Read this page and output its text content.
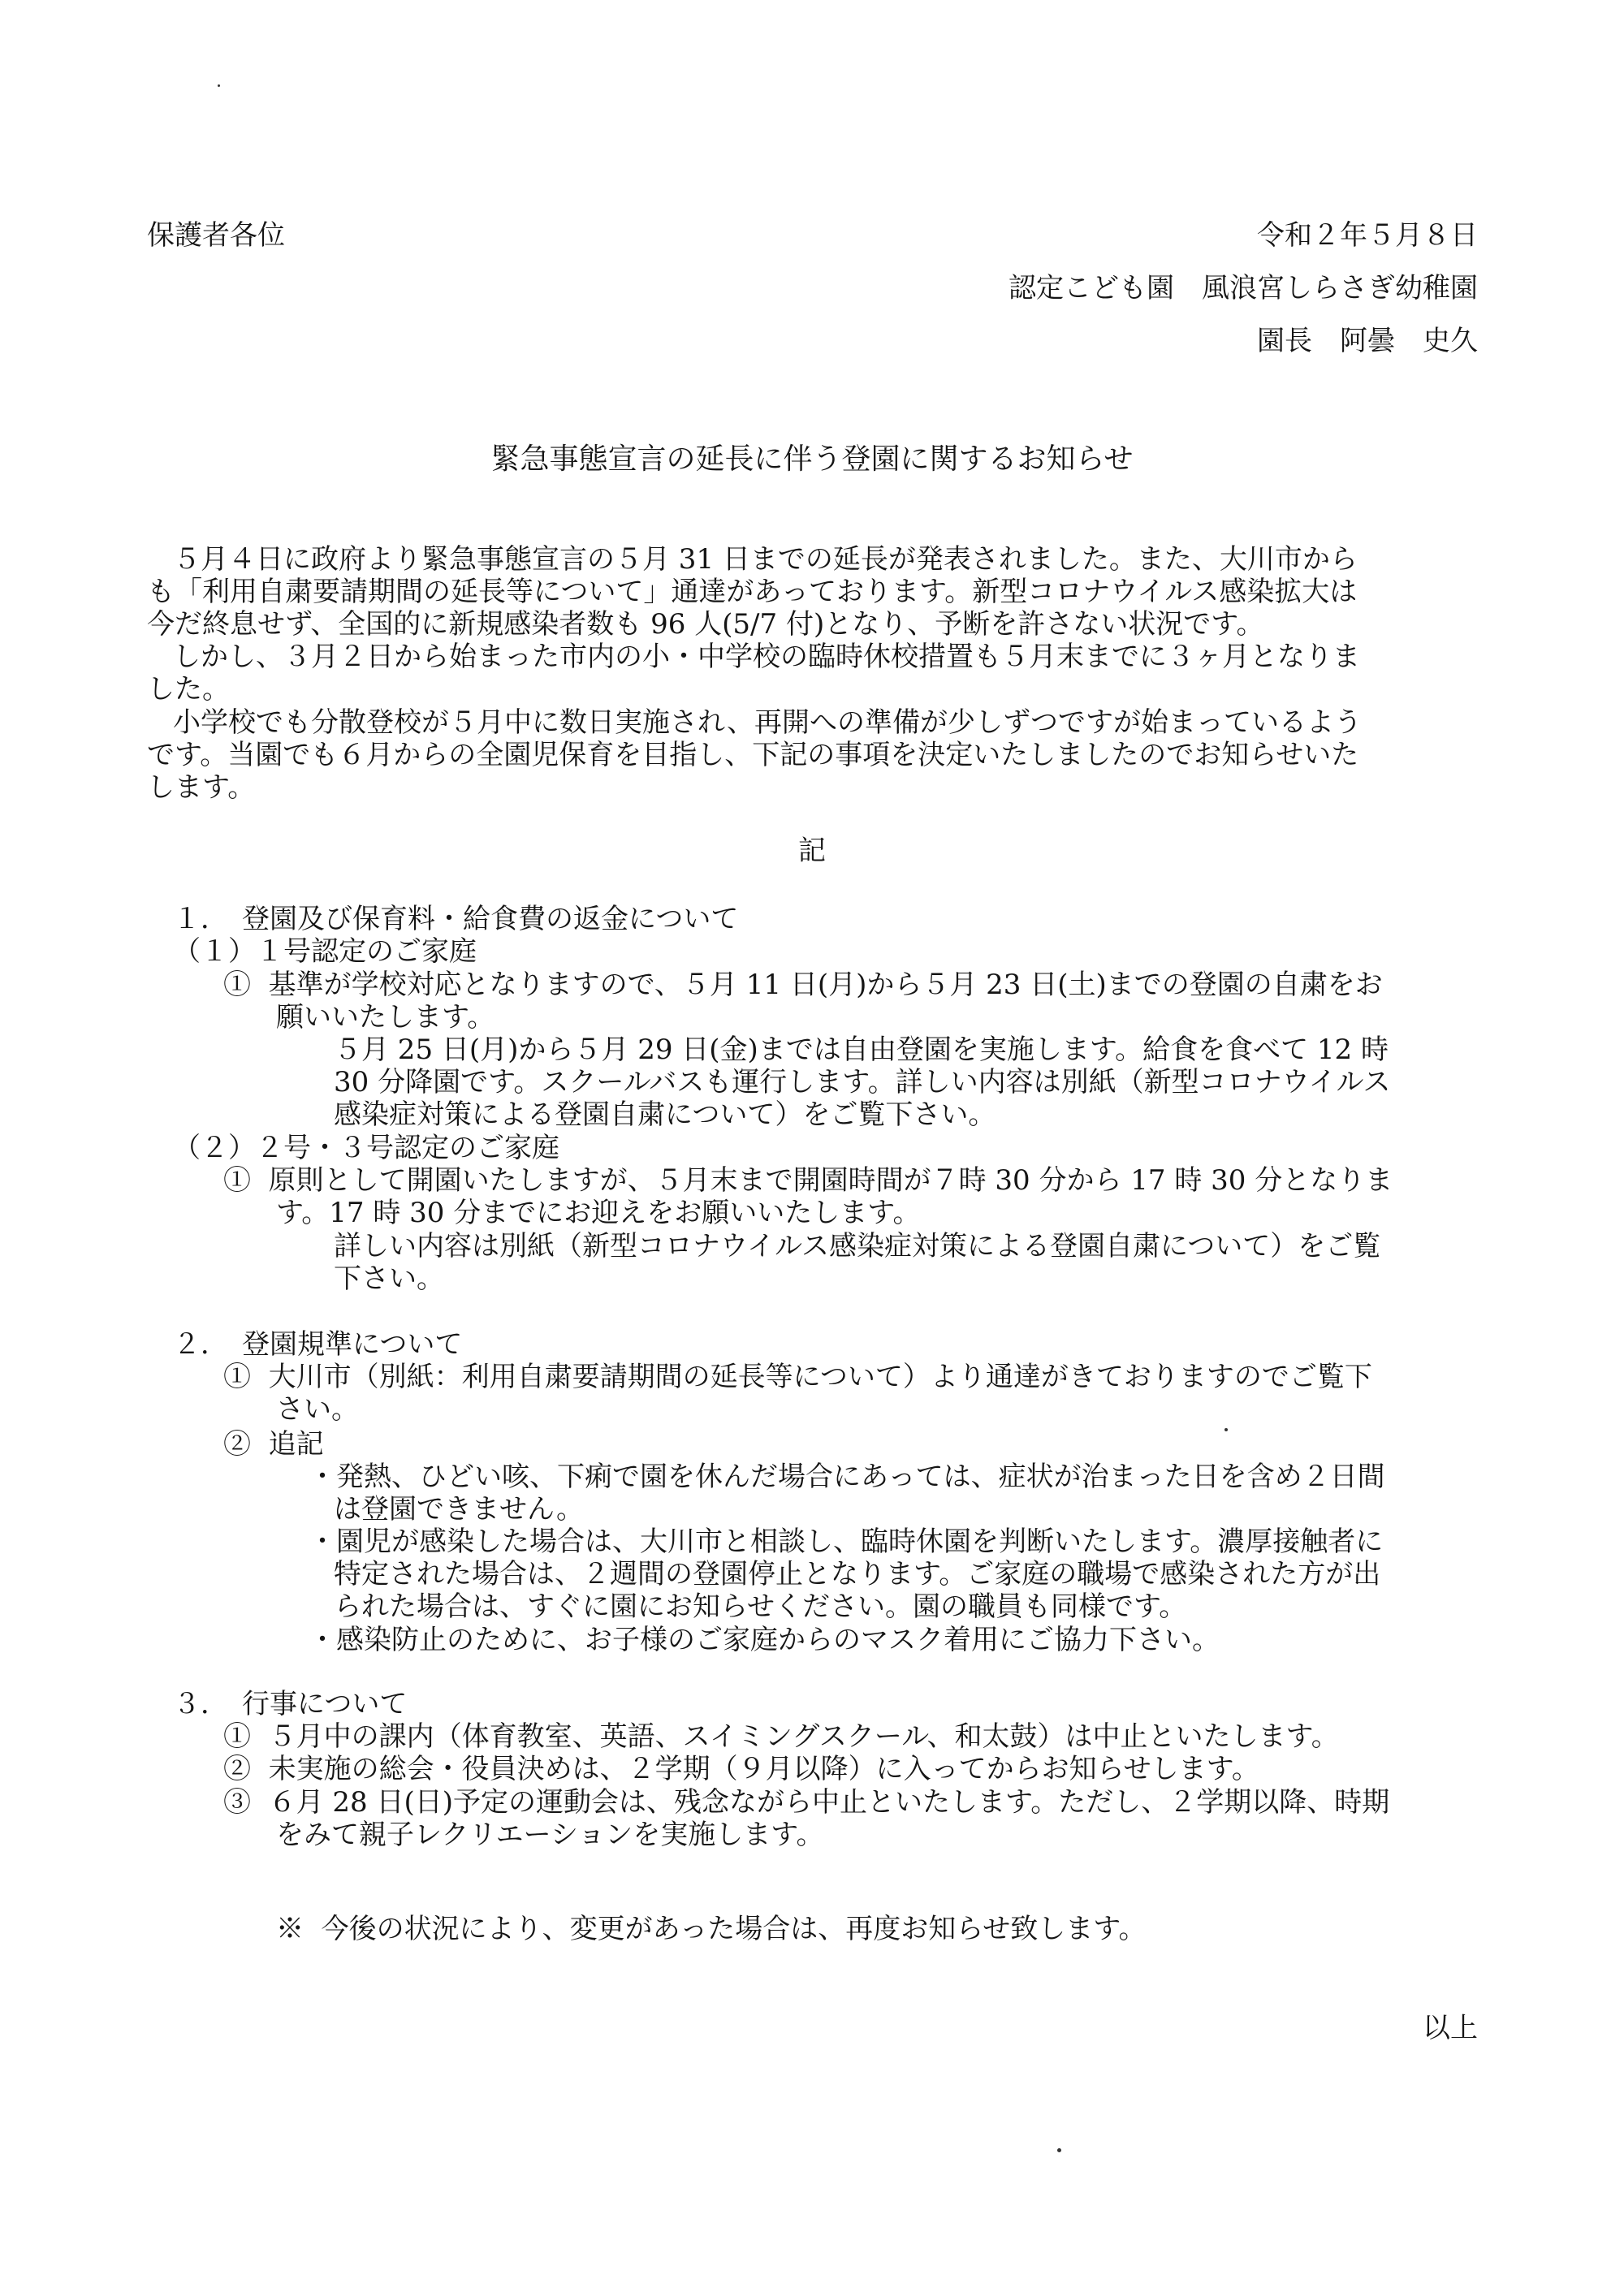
保護者各位	令和２年５月８日
認定こども園　風浪宮しらさぎ幼稚園
園長　阿曇　史久
緊急事態宣言の延長に伴う登園に関するお知らせ
５月４日に政府より緊急事態宣言の５月 31 日までの延長が発表されました。また、大川市から
も「利用自粛要請期間の延長等について」通達があっております。新型コロナウイルス感染拡大は
今だ終息せず、全国的に新規感染者数も 96 人(5/7 付)となり、予断を許さない状況です。
しかし、３月２日から始まった市内の小・中学校の臨時休校措置も５月末までに３ヶ月となりま
した。
小学校でも分散登校が５月中に数日実施され、再開への準備が少しずつですが始まっているよう
です。当園でも６月からの全園児保育を目指し、下記の事項を決定いたしましたのでお知らせいた
します。
記
１．　登園及び保育料・給食費の返金について
（１）１号認定のご家庭
①  基準が学校対応となりますので、５月 11 日(月)から５月 23 日(土)までの登園の自粛をお
願いいたします。
５月 25 日(月)から５月 29 日(金)までは自由登園を実施します。給食を食べて 12 時
30 分降園です。スクールバスも運行します。詳しい内容は別紙（新型コロナウイルス
感染症対策による登園自粛について）をご覧下さい。
（２）２号・３号認定のご家庭
①  原則として開園いたしますが、５月末まで開園時間が７時 30 分から 17 時 30 分となりま
す。17 時 30 分までにお迎えをお願いいたします。
詳しい内容は別紙（新型コロナウイルス感染症対策による登園自粛について）をご覧
下さい。
２．　登園規準について
①  大川市（別紙：利用自粛要請期間の延長等について）より通達がきておりますのでご覧下
さい。
②  追記
・発熱、ひどい咳、下痢で園を休んだ場合にあっては、症状が治まった日を含め２日間
は登園できません。
・園児が感染した場合は、大川市と相談し、臨時休園を判断いたします。濃厚接触者に
特定された場合は、２週間の登園停止となります。ご家庭の職場で感染された方が出
られた場合は、すぐに園にお知らせください。園の職員も同様です。
・感染防止のために、お子様のご家庭からのマスク着用にご協力下さい。
３．　行事について
①  ５月中の課内（体育教室、英語、スイミングスクール、和太鼓）は中止といたします。
②  未実施の総会・役員決めは、２学期（９月以降）に入ってからお知らせします。
③  ６月 28 日(日)予定の運動会は、残念ながら中止といたします。ただし、２学期以降、時期
をみて親子レクリエーションを実施します。
※  今後の状況により、変更があった場合は、再度お知らせ致します。
以上
